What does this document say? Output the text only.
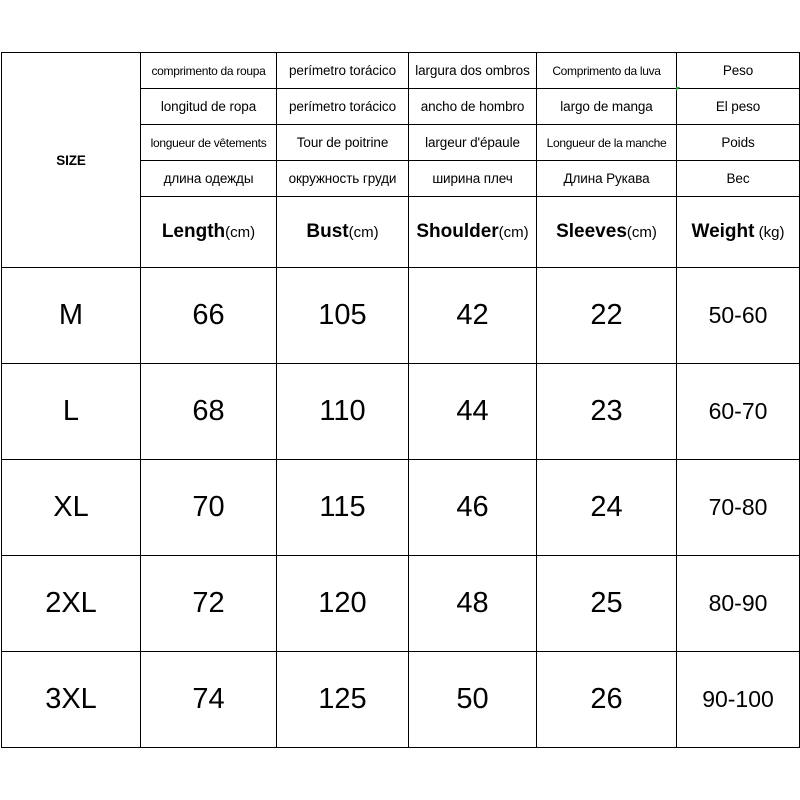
SIZE	comprimento da roupa	perímetro torácico	largura dos ombros	Comprimento da luva	Peso
	longitud de ropa	perímetro torácico	ancho de hombro	largo de manga	El peso
	longueur de vêtements	Tour de poitrine	largeur d'épaule	Longueur de la manche	Poids
	длина одежды	окружность груди	ширина плеч	Длина Рукава	Вес
	Length(cm)	Bust(cm)	Shoulder(cm)	Sleeves(cm)	Weight (kg)
M	66	105	42	22	50-60
L	68	110	44	23	60-70
XL	70	115	46	24	70-80
2XL	72	120	48	25	80-90
3XL	74	125	50	26	90-100
